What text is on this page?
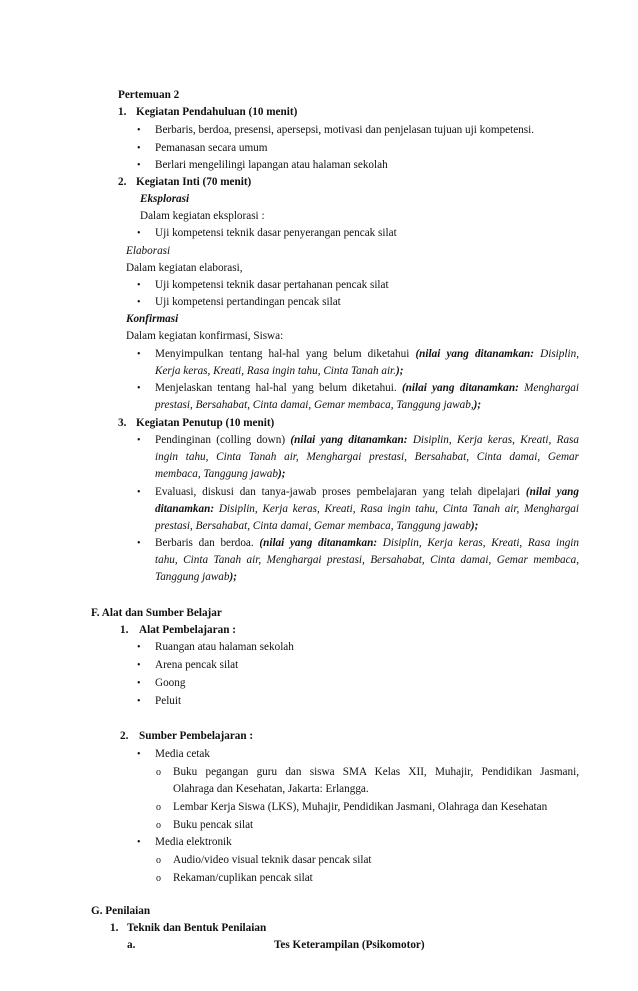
Pertemuan 2
1. Kegiatan Pendahuluan (10 menit)
• Berbaris, berdoa, presensi, apersepsi, motivasi dan penjelasan tujuan uji kompetensi.
• Pemanasan secara umum
• Berlari mengelilingi lapangan atau halaman sekolah
2. Kegiatan Inti (70 menit)
Eksplorasi
Dalam kegiatan eksplorasi :
• Uji kompetensi teknik dasar penyerangan pencak silat
Elaborasi
Dalam kegiatan elaborasi,
• Uji kompetensi teknik dasar pertahanan pencak silat
• Uji kompetensi pertandingan pencak silat
Konfirmasi
Dalam kegiatan konfirmasi, Siswa:
• Menyimpulkan tentang hal-hal yang belum diketahui (nilai yang ditanamkan: Disiplin,
Kerja keras, Kreati, Rasa ingin tahu, Cinta Tanah air.);
• Menjelaskan tentang hal-hal yang belum diketahui. (nilai yang ditanamkan: Menghargai
prestasi, Bersahabat, Cinta damai, Gemar membaca, Tanggung jawab,);
3. Kegiatan Penutup (10 menit)
• Pendinginan (colling down) (nilai yang ditanamkan: Disiplin, Kerja keras, Kreati, Rasa
ingin tahu, Cinta Tanah air, Menghargai prestasi, Bersahabat, Cinta damai, Gemar
membaca, Tanggung jawab);
• Evaluasi, diskusi dan tanya-jawab proses pembelajaran yang telah dipelajari (nilai yang
ditanamkan: Disiplin, Kerja keras, Kreati, Rasa ingin tahu, Cinta Tanah air, Menghargai
prestasi, Bersahabat, Cinta damai, Gemar membaca, Tanggung jawab);
• Berbaris dan berdoa. (nilai yang ditanamkan: Disiplin, Kerja keras, Kreati, Rasa ingin
tahu, Cinta Tanah air, Menghargai prestasi, Bersahabat, Cinta damai, Gemar membaca,
Tanggung jawab);
F. Alat dan Sumber Belajar
1. Alat Pembelajaran :
• Ruangan atau halaman sekolah
• Arena pencak silat
• Goong
• Peluit
2. Sumber Pembelajaran :
• Media cetak
o Buku pegangan guru dan siswa SMA Kelas XII, Muhajir, Pendidikan Jasmani,
Olahraga dan Kesehatan, Jakarta: Erlangga.
o Lembar Kerja Siswa (LKS), Muhajir, Pendidikan Jasmani, Olahraga dan Kesehatan
o Buku pencak silat
• Media elektronik
o Audio/video visual teknik dasar pencak silat
o Rekaman/cuplikan pencak silat
G. Penilaian
1. Teknik dan Bentuk Penilaian
a.	Tes Keterampilan (Psikomotor)
